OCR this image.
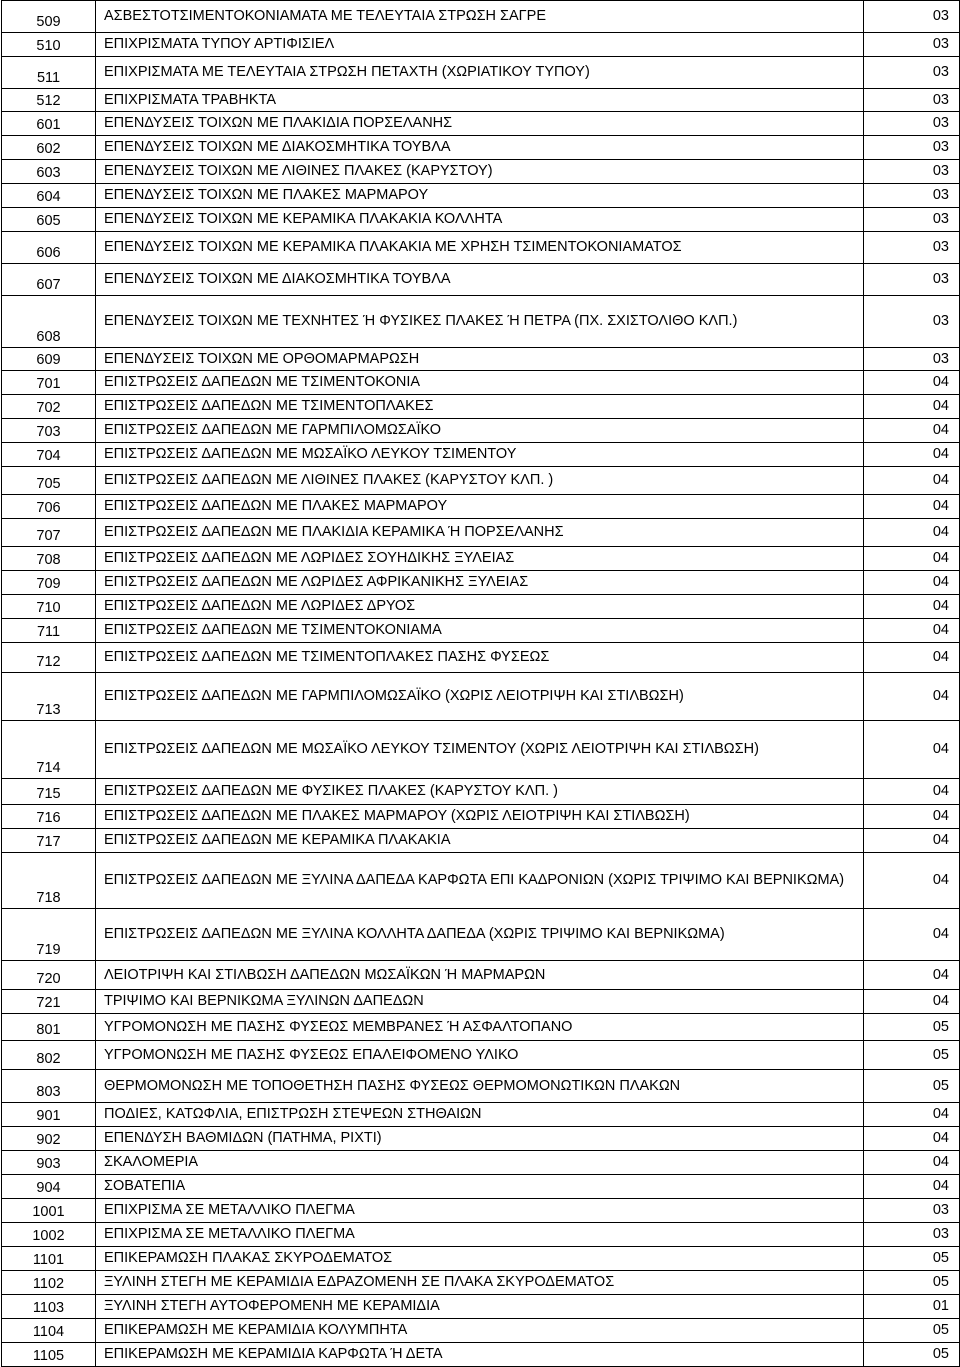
509	ΑΣΒΕΣΤΟΤΣΙΜΕΝΤΟΚΟΝΙΑΜΑΤΑ ΜΕ ΤΕΛΕΥΤΑΙΑ ΣΤΡΩΣΗ ΣΑΓΡΕ	03
510	ΕΠΙΧΡΙΣΜΑΤΑ ΤΥΠΟΥ ΑΡΤΙΦΙΣΙΕΛ	03
511	ΕΠΙΧΡΙΣΜΑΤΑ ΜΕ ΤΕΛΕΥΤΑΙΑ ΣΤΡΩΣΗ ΠΕΤΑΧΤΗ (ΧΩΡΙΑΤΙΚΟΥ ΤΥΠΟΥ)	03
512	ΕΠΙΧΡΙΣΜΑΤΑ ΤΡΑΒΗΚΤΑ	03
601	ΕΠΕΝΔΥΣΕΙΣ ΤΟΙΧΩΝ ΜΕ ΠΛΑΚΙΔΙΑ ΠΟΡΣΕΛΑΝΗΣ	03
602	ΕΠΕΝΔΥΣΕΙΣ ΤΟΙΧΩΝ ΜΕ ΔΙΑΚΟΣΜΗΤΙΚΑ ΤΟΥΒΛΑ	03
603	ΕΠΕΝΔΥΣΕΙΣ ΤΟΙΧΩΝ ΜΕ ΛΙΘΙΝΕΣ ΠΛΑΚΕΣ (ΚΑΡΥΣΤΟΥ)	03
604	ΕΠΕΝΔΥΣΕΙΣ ΤΟΙΧΩΝ ΜΕ ΠΛΑΚΕΣ ΜΑΡΜΑΡΟΥ	03
605	ΕΠΕΝΔΥΣΕΙΣ ΤΟΙΧΩΝ ΜΕ ΚΕΡΑΜΙΚΑ ΠΛΑΚΑΚΙΑ ΚΟΛΛΗΤΑ	03
606	ΕΠΕΝΔΥΣΕΙΣ ΤΟΙΧΩΝ ΜΕ ΚΕΡΑΜΙΚΑ ΠΛΑΚΑΚΙΑ ΜΕ ΧΡΗΣΗ ΤΣΙΜΕΝΤΟΚΟΝΙΑΜΑΤΟΣ	03
607	ΕΠΕΝΔΥΣΕΙΣ ΤΟΙΧΩΝ ΜΕ ΔΙΑΚΟΣΜΗΤΙΚΑ ΤΟΥΒΛΑ	03
608	ΕΠΕΝΔΥΣΕΙΣ ΤΟΙΧΩΝ ΜΕ ΤΕΧΝΗΤΕΣ Ή ΦΥΣΙΚΕΣ ΠΛΑΚΕΣ Ή ΠΕΤΡΑ (ΠΧ. ΣΧΙΣΤΟΛΙΘΟ ΚΛΠ.)	03
609	ΕΠΕΝΔΥΣΕΙΣ ΤΟΙΧΩΝ ΜΕ ΟΡΘΟΜΑΡΜΑΡΩΣΗ	03
701	ΕΠΙΣΤΡΩΣΕΙΣ ΔΑΠΕΔΩΝ ΜΕ ΤΣΙΜΕΝΤΟΚΟΝΙΑ	04
702	ΕΠΙΣΤΡΩΣΕΙΣ ΔΑΠΕΔΩΝ ΜΕ ΤΣΙΜΕΝΤΟΠΛΑΚΕΣ	04
703	ΕΠΙΣΤΡΩΣΕΙΣ ΔΑΠΕΔΩΝ ΜΕ ΓΑΡΜΠΙΛΟΜΩΣΑΪΚΟ	04
704	ΕΠΙΣΤΡΩΣΕΙΣ ΔΑΠΕΔΩΝ ΜΕ ΜΩΣΑΪΚΟ ΛΕΥΚΟΥ ΤΣΙΜΕΝΤΟΥ	04
705	ΕΠΙΣΤΡΩΣΕΙΣ ΔΑΠΕΔΩΝ ΜΕ ΛΙΘΙΝΕΣ ΠΛΑΚΕΣ (ΚΑΡΥΣΤΟΥ ΚΛΠ. )	04
706	ΕΠΙΣΤΡΩΣΕΙΣ ΔΑΠΕΔΩΝ ΜΕ ΠΛΑΚΕΣ ΜΑΡΜΑΡΟΥ	04
707	ΕΠΙΣΤΡΩΣΕΙΣ ΔΑΠΕΔΩΝ ΜΕ ΠΛΑΚΙΔΙΑ ΚΕΡΑΜΙΚΑ Ή ΠΟΡΣΕΛΑΝΗΣ	04
708	ΕΠΙΣΤΡΩΣΕΙΣ ΔΑΠΕΔΩΝ ΜΕ ΛΩΡΙΔΕΣ ΣΟΥΗΔΙΚΗΣ ΞΥΛΕΙΑΣ	04
709	ΕΠΙΣΤΡΩΣΕΙΣ ΔΑΠΕΔΩΝ ΜΕ ΛΩΡΙΔΕΣ ΑΦΡΙΚΑΝΙΚΗΣ ΞΥΛΕΙΑΣ	04
710	ΕΠΙΣΤΡΩΣΕΙΣ ΔΑΠΕΔΩΝ ΜΕ ΛΩΡΙΔΕΣ ΔΡΥΟΣ	04
711	ΕΠΙΣΤΡΩΣΕΙΣ ΔΑΠΕΔΩΝ ΜΕ ΤΣΙΜΕΝΤΟΚΟΝΙΑΜΑ	04
712	ΕΠΙΣΤΡΩΣΕΙΣ ΔΑΠΕΔΩΝ ΜΕ ΤΣΙΜΕΝΤΟΠΛΑΚΕΣ ΠΑΣΗΣ ΦΥΣΕΩΣ	04
713	ΕΠΙΣΤΡΩΣΕΙΣ ΔΑΠΕΔΩΝ ΜΕ ΓΑΡΜΠΙΛΟΜΩΣΑΪΚΟ (ΧΩΡΙΣ ΛΕΙΟΤΡΙΨΗ ΚΑΙ ΣΤΙΛΒΩΣΗ)	04
714	ΕΠΙΣΤΡΩΣΕΙΣ ΔΑΠΕΔΩΝ ΜΕ ΜΩΣΑΪΚΟ ΛΕΥΚΟΥ ΤΣΙΜΕΝΤΟΥ (ΧΩΡΙΣ ΛΕΙΟΤΡΙΨΗ ΚΑΙ ΣΤΙΛΒΩΣΗ)	04
715	ΕΠΙΣΤΡΩΣΕΙΣ ΔΑΠΕΔΩΝ ΜΕ ΦΥΣΙΚΕΣ ΠΛΑΚΕΣ (ΚΑΡΥΣΤΟΥ ΚΛΠ. )	04
716	ΕΠΙΣΤΡΩΣΕΙΣ ΔΑΠΕΔΩΝ ΜΕ ΠΛΑΚΕΣ ΜΑΡΜΑΡΟΥ (ΧΩΡΙΣ ΛΕΙΟΤΡΙΨΗ ΚΑΙ ΣΤΙΛΒΩΣΗ)	04
717	ΕΠΙΣΤΡΩΣΕΙΣ ΔΑΠΕΔΩΝ ΜΕ ΚΕΡΑΜΙΚΑ ΠΛΑΚΑΚΙΑ	04
718	ΕΠΙΣΤΡΩΣΕΙΣ ΔΑΠΕΔΩΝ ΜΕ ΞΥΛΙΝΑ ΔΑΠΕΔΑ ΚΑΡΦΩΤΑ ΕΠΙ ΚΑΔΡΟΝΙΩΝ (ΧΩΡΙΣ ΤΡΙΨΙΜΟ ΚΑΙ ΒΕΡΝΙΚΩΜΑ)	04
719	ΕΠΙΣΤΡΩΣΕΙΣ ΔΑΠΕΔΩΝ ΜΕ ΞΥΛΙΝΑ ΚΟΛΛΗΤΑ ΔΑΠΕΔΑ (ΧΩΡΙΣ ΤΡΙΨΙΜΟ ΚΑΙ ΒΕΡΝΙΚΩΜΑ)	04
720	ΛΕΙΟΤΡΙΨΗ ΚΑΙ ΣΤΙΛΒΩΣΗ ΔΑΠΕΔΩΝ ΜΩΣΑΪΚΩΝ Ή ΜΑΡΜΑΡΩΝ	04
721	ΤΡΙΨΙΜΟ ΚΑΙ ΒΕΡΝΙΚΩΜΑ ΞΥΛΙΝΩΝ ΔΑΠΕΔΩΝ	04
801	ΥΓΡΟΜΟΝΩΣΗ ΜΕ ΠΑΣΗΣ ΦΥΣΕΩΣ ΜΕΜΒΡΑΝΕΣ Ή ΑΣΦΑΛΤΟΠΑΝΟ	05
802	ΥΓΡΟΜΟΝΩΣΗ ΜΕ ΠΑΣΗΣ ΦΥΣΕΩΣ ΕΠΑΛΕΙΦΟΜΕΝΟ ΥΛΙΚΟ	05
803	ΘΕΡΜΟΜΟΝΩΣΗ ΜΕ ΤΟΠΟΘΕΤΗΣΗ ΠΑΣΗΣ ΦΥΣΕΩΣ ΘΕΡΜΟΜΟΝΩΤΙΚΩΝ ΠΛΑΚΩΝ	05
901	ΠΟΔΙΕΣ, ΚΑΤΩΦΛΙΑ, ΕΠΙΣΤΡΩΣΗ ΣΤΕΨΕΩΝ ΣΤΗΘΑΙΩΝ	04
902	ΕΠΕΝΔΥΣΗ ΒΑΘΜΙΔΩΝ (ΠΑΤΗΜΑ, ΡΙΧΤΙ)	04
903	ΣΚΑΛΟΜΕΡΙΑ	04
904	ΣΟΒΑΤΕΠΙΑ	04
1001	ΕΠΙΧΡΙΣΜΑ ΣΕ ΜΕΤΑΛΛΙΚΟ ΠΛΕΓΜΑ	03
1002	ΕΠΙΧΡΙΣΜΑ ΣΕ ΜΕΤΑΛΛΙΚΟ ΠΛΕΓΜΑ	03
1101	ΕΠΙΚΕΡΑΜΩΣΗ ΠΛΑΚΑΣ ΣΚΥΡΟΔΕΜΑΤΟΣ	05
1102	ΞΥΛΙΝΗ ΣΤΕΓΗ ΜΕ ΚΕΡΑΜΙΔΙΑ ΕΔΡΑΖΟΜΕΝΗ ΣΕ ΠΛΑΚΑ ΣΚΥΡΟΔΕΜΑΤΟΣ	05
1103	ΞΥΛΙΝΗ ΣΤΕΓΗ ΑΥΤΟΦΕΡΟΜΕΝΗ ΜΕ ΚΕΡΑΜΙΔΙΑ	01
1104	ΕΠΙΚΕΡΑΜΩΣΗ ΜΕ ΚΕΡΑΜΙΔΙΑ ΚΟΛΥΜΠΗΤΑ	05
1105	ΕΠΙΚΕΡΑΜΩΣΗ ΜΕ ΚΕΡΑΜΙΔΙΑ ΚΑΡΦΩΤΑ Ή ΔΕΤΑ	05
